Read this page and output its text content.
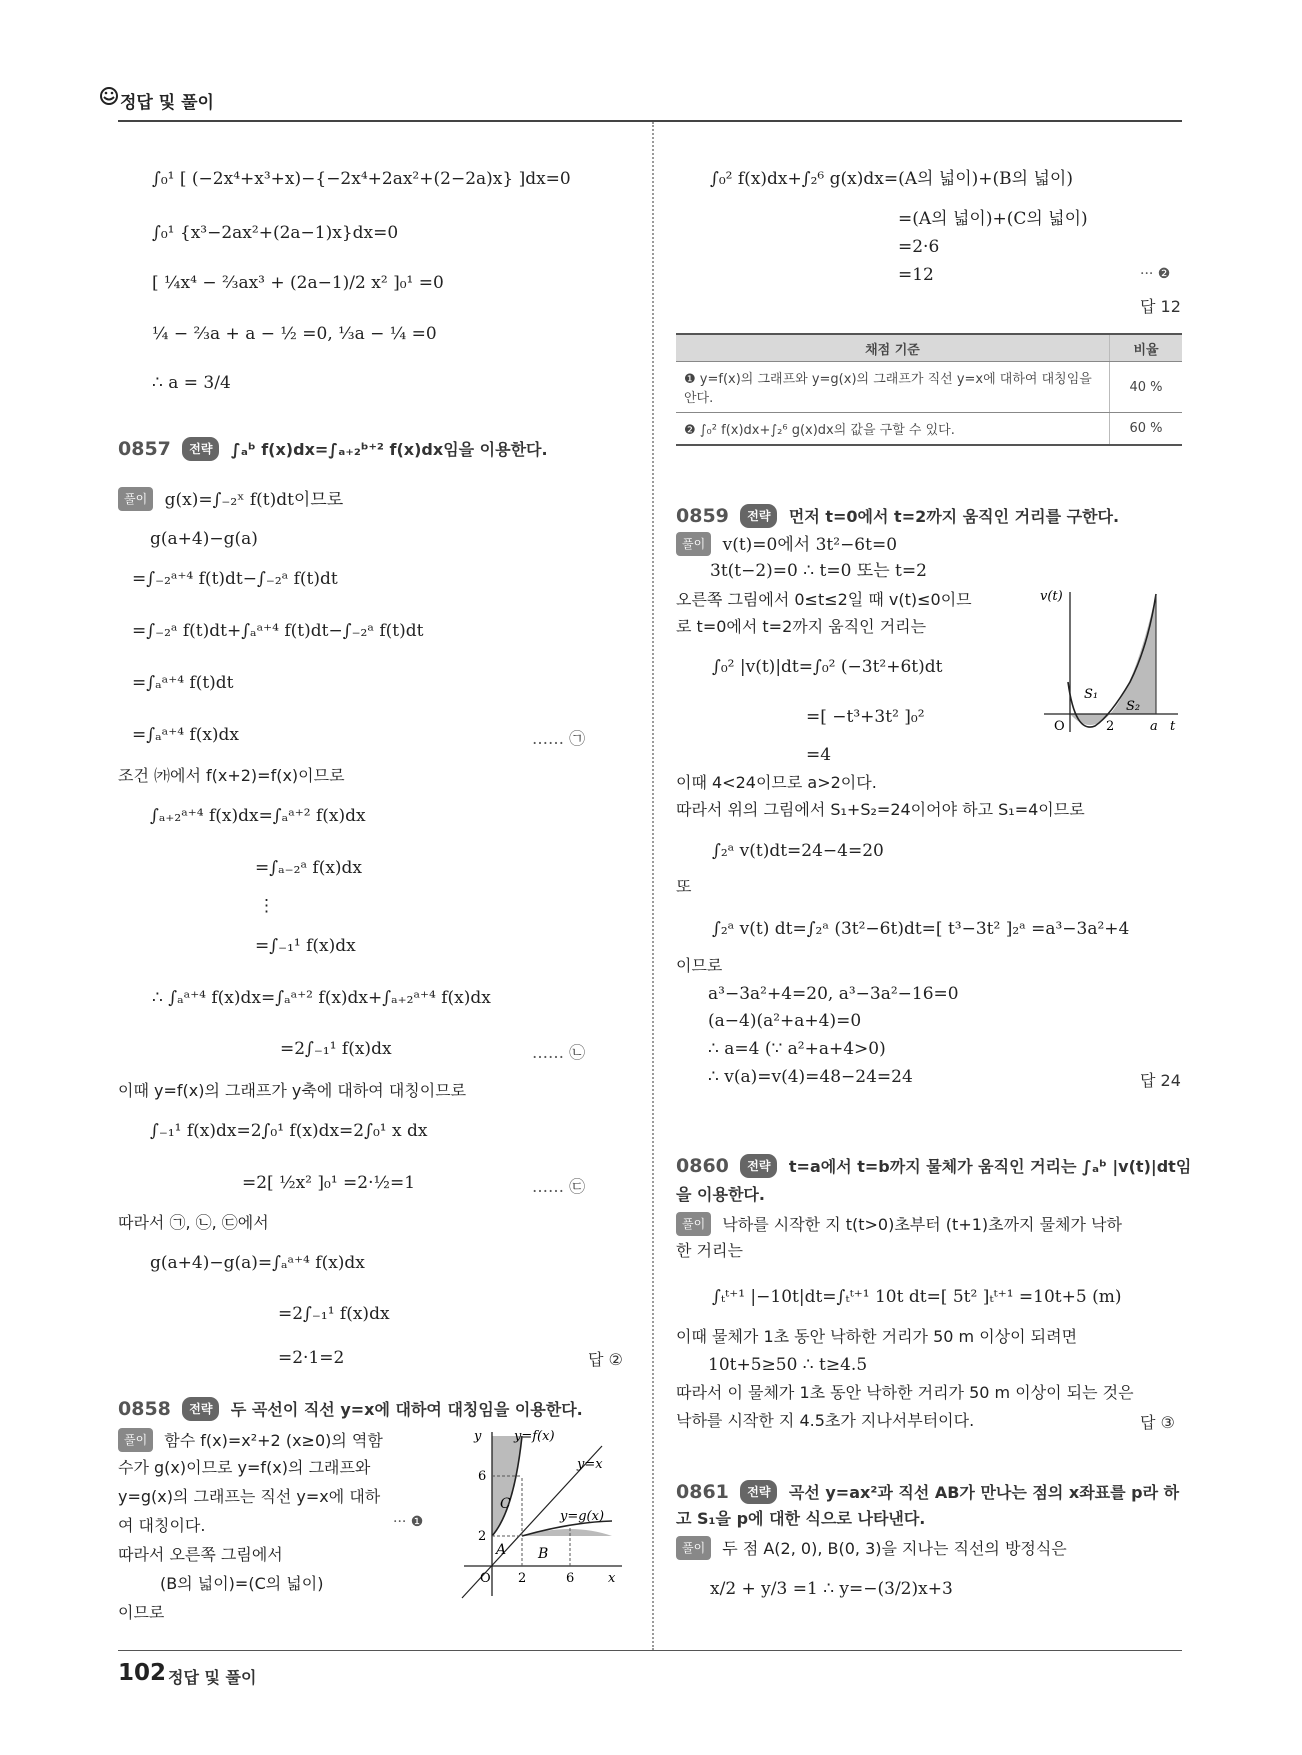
정답 및 풀이
∫₀¹ [ (−2x⁴+x³+x)−{−2x⁴+2ax²+(2−2a)x} ]dx=0
∫₀¹ {x³−2ax²+(2a−1)x}dx=0
[ ¼x⁴ − ⅔ax³ + (2a−1)/2 x² ]₀¹ =0
¼ − ⅔a + a − ½ =0, ⅓a − ¼ =0
∴ a = 3/4
0857 전략 ∫ₐᵇ f(x)dx=∫ₐ₊₂ᵇ⁺² f(x)dx임을 이용한다.
풀이 g(x)=∫₋₂ˣ f(t)dt이므로
g(a+4)−g(a)
=∫₋₂ᵃ⁺⁴ f(t)dt−∫₋₂ᵃ f(t)dt
=∫₋₂ᵃ f(t)dt+∫ₐᵃ⁺⁴ f(t)dt−∫₋₂ᵃ f(t)dt
=∫ₐᵃ⁺⁴ f(t)dt
=∫ₐᵃ⁺⁴ f(x)dx	…… ㉠
조건 ㈎에서 f(x+2)=f(x)이므로
∫ₐ₊₂ᵃ⁺⁴ f(x)dx=∫ₐᵃ⁺² f(x)dx
=∫ₐ₋₂ᵃ f(x)dx
⋮
=∫₋₁¹ f(x)dx
∴ ∫ₐᵃ⁺⁴ f(x)dx=∫ₐᵃ⁺² f(x)dx+∫ₐ₊₂ᵃ⁺⁴ f(x)dx
=2∫₋₁¹ f(x)dx	…… ㉡
이때 y=f(x)의 그래프가 y축에 대하여 대칭이므로
∫₋₁¹ f(x)dx=2∫₀¹ f(x)dx=2∫₀¹ x dx
=2[ ½x² ]₀¹ =2·½=1	…… ㉢
따라서 ㉠, ㉡, ㉢에서
g(a+4)−g(a)=∫ₐᵃ⁺⁴ f(x)dx
=2∫₋₁¹ f(x)dx
=2·1=2	답 ②
0858 전략 두 곡선이 직선 y=x에 대하여 대칭임을 이용한다.
풀이 함수 f(x)=x²+2 (x≥0)의 역함
수가 g(x)이므로 y=f(x)의 그래프와
y=g(x)의 그래프는 직선 y=x에 대하
여 대칭이다.	··· ❶
따라서 오른쪽 그림에서
(B의 넓이)=(C의 넓이)
이므로
y	y=f(x)
y=x
y=g(x)
C
A B
O 2	6	x
6
2
∫₀² f(x)dx+∫₂⁶ g(x)dx=(A의 넓이)+(B의 넓이)
=(A의 넓이)+(C의 넓이)
=2·6
=12	··· ❷
답 12
채점 기준	비율
❶ y=f(x)의 그래프와 y=g(x)의 그래프가 직선 y=x에 대하여 대칭임을 안다.	40 %
❷ ∫₀² f(x)dx+∫₂⁶ g(x)dx의 값을 구할 수 있다.	60 %
0859 전략 먼저 t=0에서 t=2까지 움직인 거리를 구한다.
풀이 v(t)=0에서 3t²−6t=0
3t(t−2)=0 ∴ t=0 또는 t=2
오른쪽 그림에서 0≤t≤2일 때 v(t)≤0이므
로 t=0에서 t=2까지 움직인 거리는
∫₀² |v(t)|dt=∫₀² (−3t²+6t)dt
=[ −t³+3t² ]₀²
=4
이때 4<24이므로 a>2이다.
따라서 위의 그림에서 S₁+S₂=24이어야 하고 S₁=4이므로
∫₂ᵃ v(t)dt=24−4=20
또
∫₂ᵃ v(t) dt=∫₂ᵃ (3t²−6t)dt=[ t³−3t² ]₂ᵃ =a³−3a²+4
이므로
a³−3a²+4=20, a³−3a²−16=0
(a−4)(a²+a+4)=0
∴ a=4 (∵ a²+a+4>0)
∴ v(a)=v(4)=48−24=24	답 24
v(t)
S₁
S₂
O	2	a t
0860 전략 t=a에서 t=b까지 물체가 움직인 거리는 ∫ₐᵇ |v(t)|dt임
을 이용한다.
풀이 낙하를 시작한 지 t(t>0)초부터 (t+1)초까지 물체가 낙하
한 거리는
∫ₜᵗ⁺¹ |−10t|dt=∫ₜᵗ⁺¹ 10t dt=[ 5t² ]ₜᵗ⁺¹ =10t+5 (m)
이때 물체가 1초 동안 낙하한 거리가 50 m 이상이 되려면
10t+5≥50 ∴ t≥4.5
따라서 이 물체가 1초 동안 낙하한 거리가 50 m 이상이 되는 것은
낙하를 시작한 지 4.5초가 지나서부터이다.	답 ③
0861 전략 곡선 y=ax²과 직선 AB가 만나는 점의 x좌표를 p라 하
고 S₁을 p에 대한 식으로 나타낸다.
풀이 두 점 A(2, 0), B(0, 3)을 지나는 직선의 방정식은
x/2 + y/3 =1 ∴ y=−(3/2)x+3
102 정답 및 풀이
